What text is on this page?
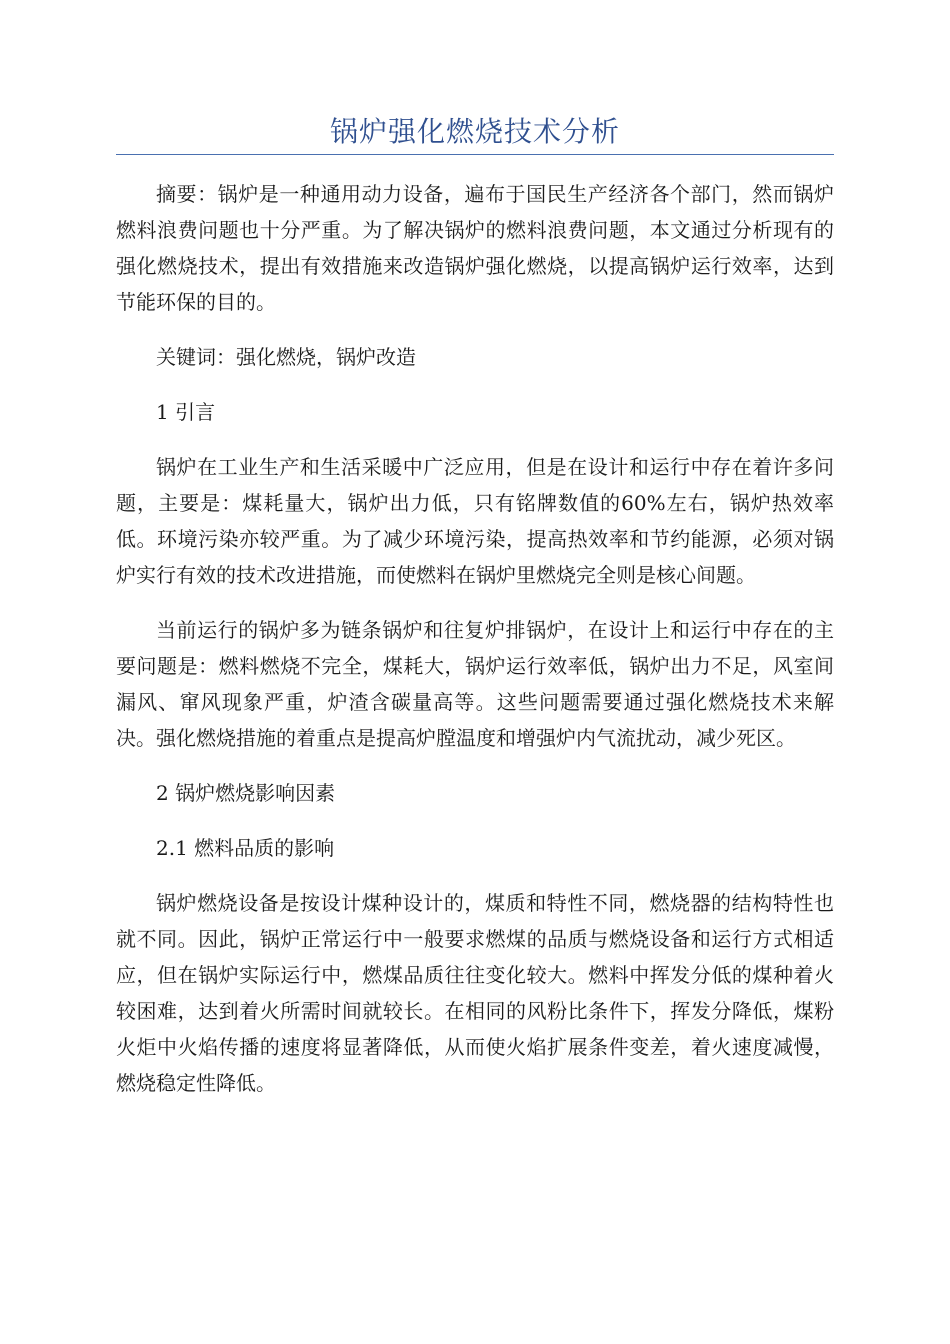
锅炉强化燃烧技术分析

摘要：锅炉是一种通用动力设备，遍布于国民生产经济各个部门，然而锅炉燃料浪费问题也十分严重。为了解决锅炉的燃料浪费问题，本文通过分析现有的强化燃烧技术，提出有效措施来改造锅炉强化燃烧，以提高锅炉运行效率，达到节能环保的目的。

关键词：强化燃烧，锅炉改造

1 引言

锅炉在工业生产和生活采暖中广泛应用，但是在设计和运行中存在着许多问题，主要是：煤耗量大，锅炉出力低，只有铭牌数值的60%左右，锅炉热效率低。环境污染亦较严重。为了减少环境污染，提高热效率和节约能源，必须对锅炉实行有效的技术改进措施，而使燃料在锅炉里燃烧完全则是核心间题。

当前运行的锅炉多为链条锅炉和往复炉排锅炉，在设计上和运行中存在的主要问题是：燃料燃烧不完全，煤耗大，锅炉运行效率低，锅炉出力不足，风室间漏风、窜风现象严重，炉渣含碳量高等。这些问题需要通过强化燃烧技术来解决。强化燃烧措施的着重点是提高炉膛温度和增强炉内气流扰动，减少死区。

2 锅炉燃烧影响因素

2.1 燃料品质的影响

锅炉燃烧设备是按设计煤种设计的，煤质和特性不同，燃烧器的结构特性也就不同。因此，锅炉正常运行中一般要求燃煤的品质与燃烧设备和运行方式相适应，但在锅炉实际运行中，燃煤品质往往变化较大。燃料中挥发分低的煤种着火较困难，达到着火所需时间就较长。在相同的风粉比条件下，挥发分降低，煤粉火炬中火焰传播的速度将显著降低，从而使火焰扩展条件变差，着火速度减慢，燃烧稳定性降低。
